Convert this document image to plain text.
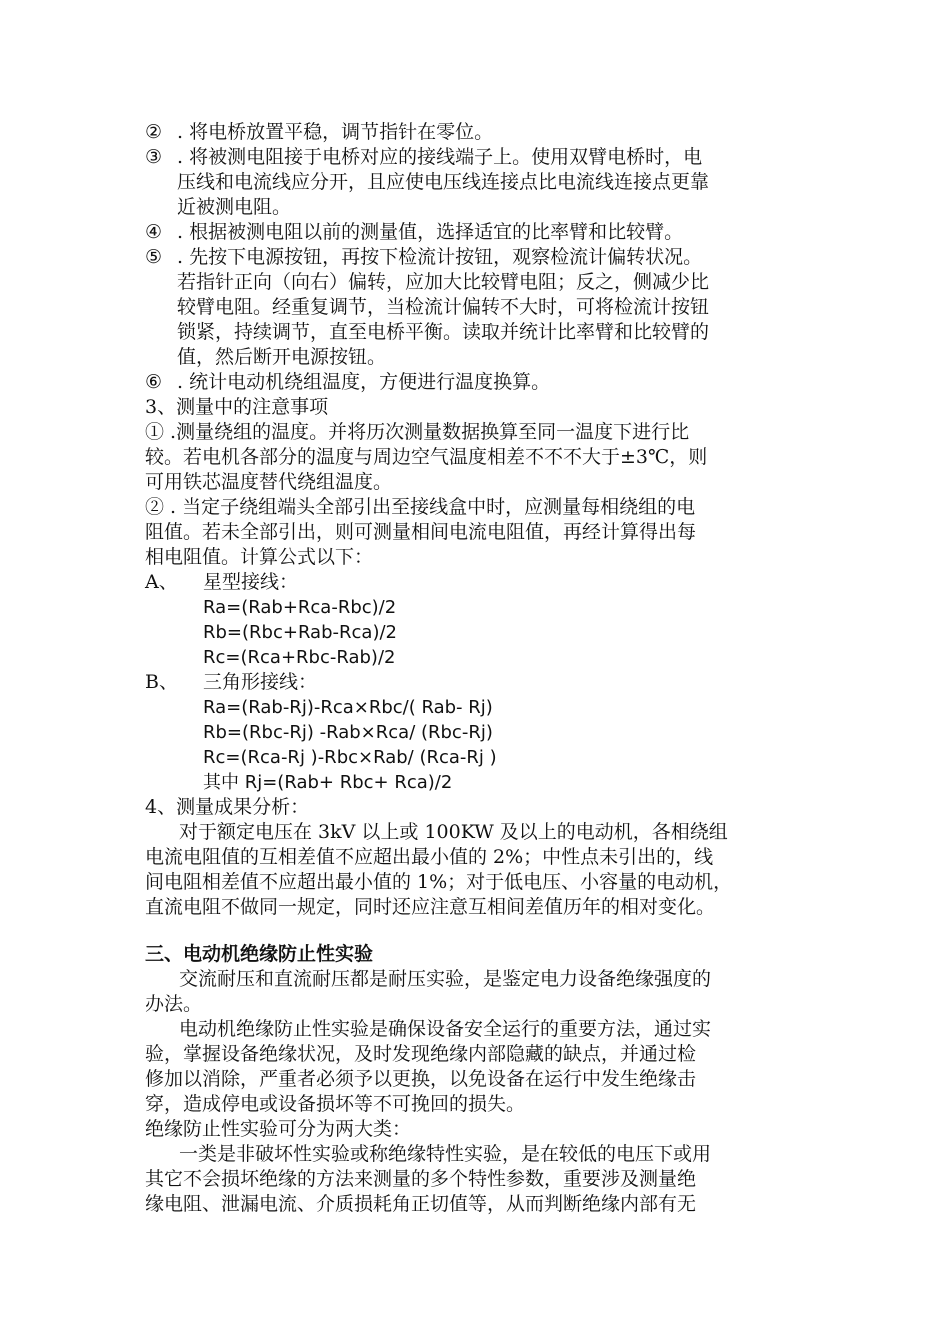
② . 将电桥放置平稳，调节指针在零位。
③ . 将被测电阻接于电桥对应的接线端子上。使用双臂电桥时，电
压线和电流线应分开，且应使电压线连接点比电流线连接点更靠
近被测电阻。
④ . 根据被测电阻以前的测量值，选择适宜的比率臂和比较臂。
⑤ . 先按下电源按钮，再按下检流计按钮，观察检流计偏转状况。
若指针正向（向右）偏转，应加大比较臂电阻；反之，侧减少比
较臂电阻。经重复调节，当检流计偏转不大时，可将检流计按钮
锁紧，持续调节，直至电桥平衡。读取并统计比率臂和比较臂的
值，然后断开电源按钮。
⑥ . 统计电动机绕组温度，方便进行温度换算。
3、测量中的注意事项
① .测量绕组的温度。并将历次测量数据换算至同一温度下进行比
较。若电机各部分的温度与周边空气温度相差不不不大于±3℃，则
可用铁芯温度替代绕组温度。
② . 当定子绕组端头全部引出至接线盒中时，应测量每相绕组的电
阻值。若未全部引出，则可测量相间电流电阻值，再经计算得出每
相电阻值。计算公式以下：
A、	星型接线：
Ra=(Rab+Rca-Rbc)/2
Rb=(Rbc+Rab-Rca)/2
Rc=(Rca+Rbc-Rab)/2
B、	三角形接线：
Ra=(Rab-Rj)-Rca×Rbc/( Rab- Rj)
Rb=(Rbc-Rj) -Rab×Rca/ (Rbc-Rj)
Rc=(Rca-Rj )-Rbc×Rab/ (Rca-Rj )
其中 Rj=(Rab+ Rbc+ Rca)/2
4、测量成果分析：
对于额定电压在 3kV 以上或 100KW 及以上的电动机，各相绕组
电流电阻值的互相差值不应超出最小值的 2%；中性点未引出的，线
间电阻相差值不应超出最小值的 1%；对于低电压、小容量的电动机，
直流电阻不做同一规定，同时还应注意互相间差值历年的相对变化。
三、电动机绝缘防止性实验
交流耐压和直流耐压都是耐压实验，是鉴定电力设备绝缘强度的
办法。
电动机绝缘防止性实验是确保设备安全运行的重要方法，通过实
验，掌握设备绝缘状况，及时发现绝缘内部隐藏的缺点，并通过检
修加以消除，严重者必须予以更换，以免设备在运行中发生绝缘击
穿，造成停电或设备损坏等不可挽回的损失。
绝缘防止性实验可分为两大类：
一类是非破坏性实验或称绝缘特性实验，是在较低的电压下或用
其它不会损坏绝缘的方法来测量的多个特性参数，重要涉及测量绝
缘电阻、泄漏电流、介质损耗角正切值等，从而判断绝缘内部有无
